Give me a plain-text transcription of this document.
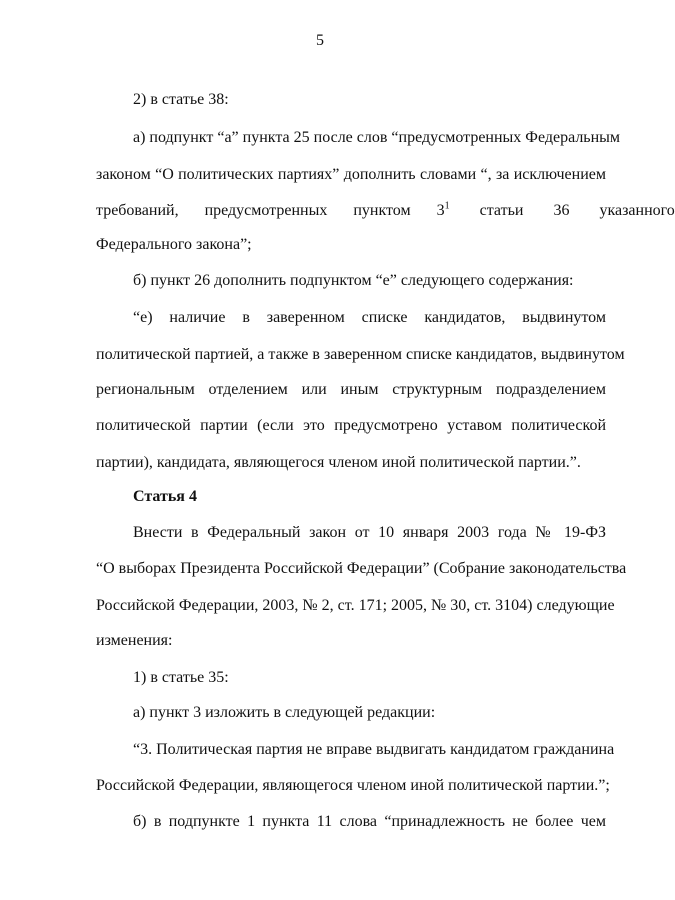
5
2) в статье 38:
а) подпункт “а” пункта 25 после слов “предусмотренных Федеральным
законом “О политических партиях” дополнить словами “, за исключением
требований, предусмотренных пунктом $3^1$ статьи 36 указанного
Федерального закона”;
б) пункт 26 дополнить подпунктом “е” следующего содержания:
“е) наличие в заверенном списке кандидатов, выдвинутом
политической партией, а также в заверенном списке кандидатов, выдвинутом
региональным отделением или иным структурным подразделением
политической партии (если это предусмотрено уставом политической
партии), кандидата, являющегося членом иной политической партии.”.
Статья 4
Внести в Федеральный закон от 10 января 2003 года № 19-ФЗ
“О выборах Президента Российской Федерации” (Собрание законодательства
Российской Федерации, 2003, № 2, ст. 171; 2005, № 30, ст. 3104) следующие
изменения:
1) в статье 35:
а) пункт 3 изложить в следующей редакции:
“3. Политическая партия не вправе выдвигать кандидатом гражданина
Российской Федерации, являющегося членом иной политической партии.”;
б) в подпункте 1 пункта 11 слова “принадлежность не более чем
